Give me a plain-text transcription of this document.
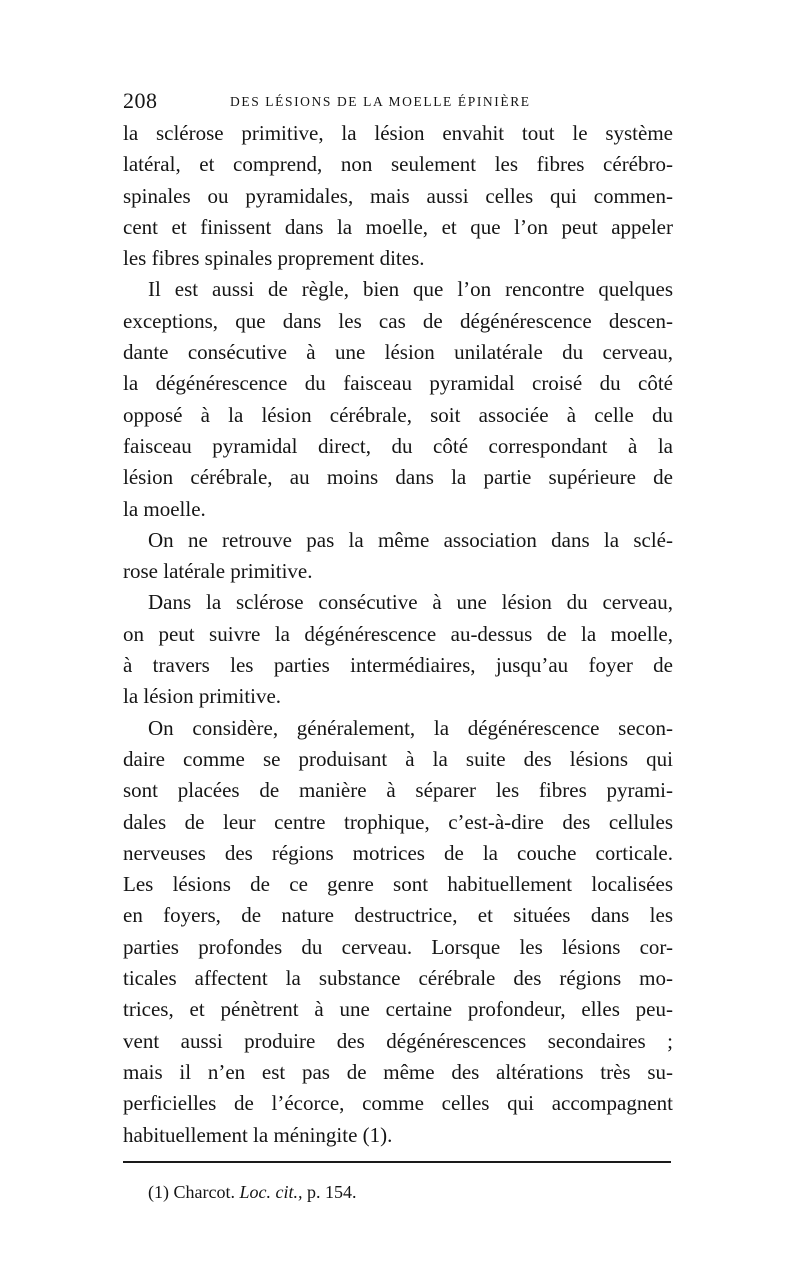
208	DES LÉSIONS DE LA MOELLE ÉPINIÈRE
la sclérose primitive, la lésion envahit tout le système
latéral, et comprend, non seulement les fibres cérébro-
spinales ou pyramidales, mais aussi celles qui commen-
cent et finissent dans la moelle, et que l’on peut appeler
les fibres spinales proprement dites.
Il est aussi de règle, bien que l’on rencontre quelques
exceptions, que dans les cas de dégénérescence descen-
dante consécutive à une lésion unilatérale du cerveau,
la dégénérescence du faisceau pyramidal croisé du côté
opposé à la lésion cérébrale, soit associée à celle du
faisceau pyramidal direct, du côté correspondant à la
lésion cérébrale, au moins dans la partie supérieure de
la moelle.
On ne retrouve pas la même association dans la sclé-
rose latérale primitive.
Dans la sclérose consécutive à une lésion du cerveau,
on peut suivre la dégénérescence au-dessus de la moelle,
à travers les parties intermédiaires, jusqu’au foyer de
la lésion primitive.
On considère, généralement, la dégénérescence secon-
daire comme se produisant à la suite des lésions qui
sont placées de manière à séparer les fibres pyrami-
dales de leur centre trophique, c’est-à-dire des cellules
nerveuses des régions motrices de la couche corticale.
Les lésions de ce genre sont habituellement localisées
en foyers, de nature destructrice, et situées dans les
parties profondes du cerveau. Lorsque les lésions cor-
ticales affectent la substance cérébrale des régions mo-
trices, et pénètrent à une certaine profondeur, elles peu-
vent aussi produire des dégénérescences secondaires ;
mais il n’en est pas de même des altérations très su-
perficielles de l’écorce, comme celles qui accompagnent
habituellement la méningite (1).
(1) Charcot. Loc. cit., p. 154.
